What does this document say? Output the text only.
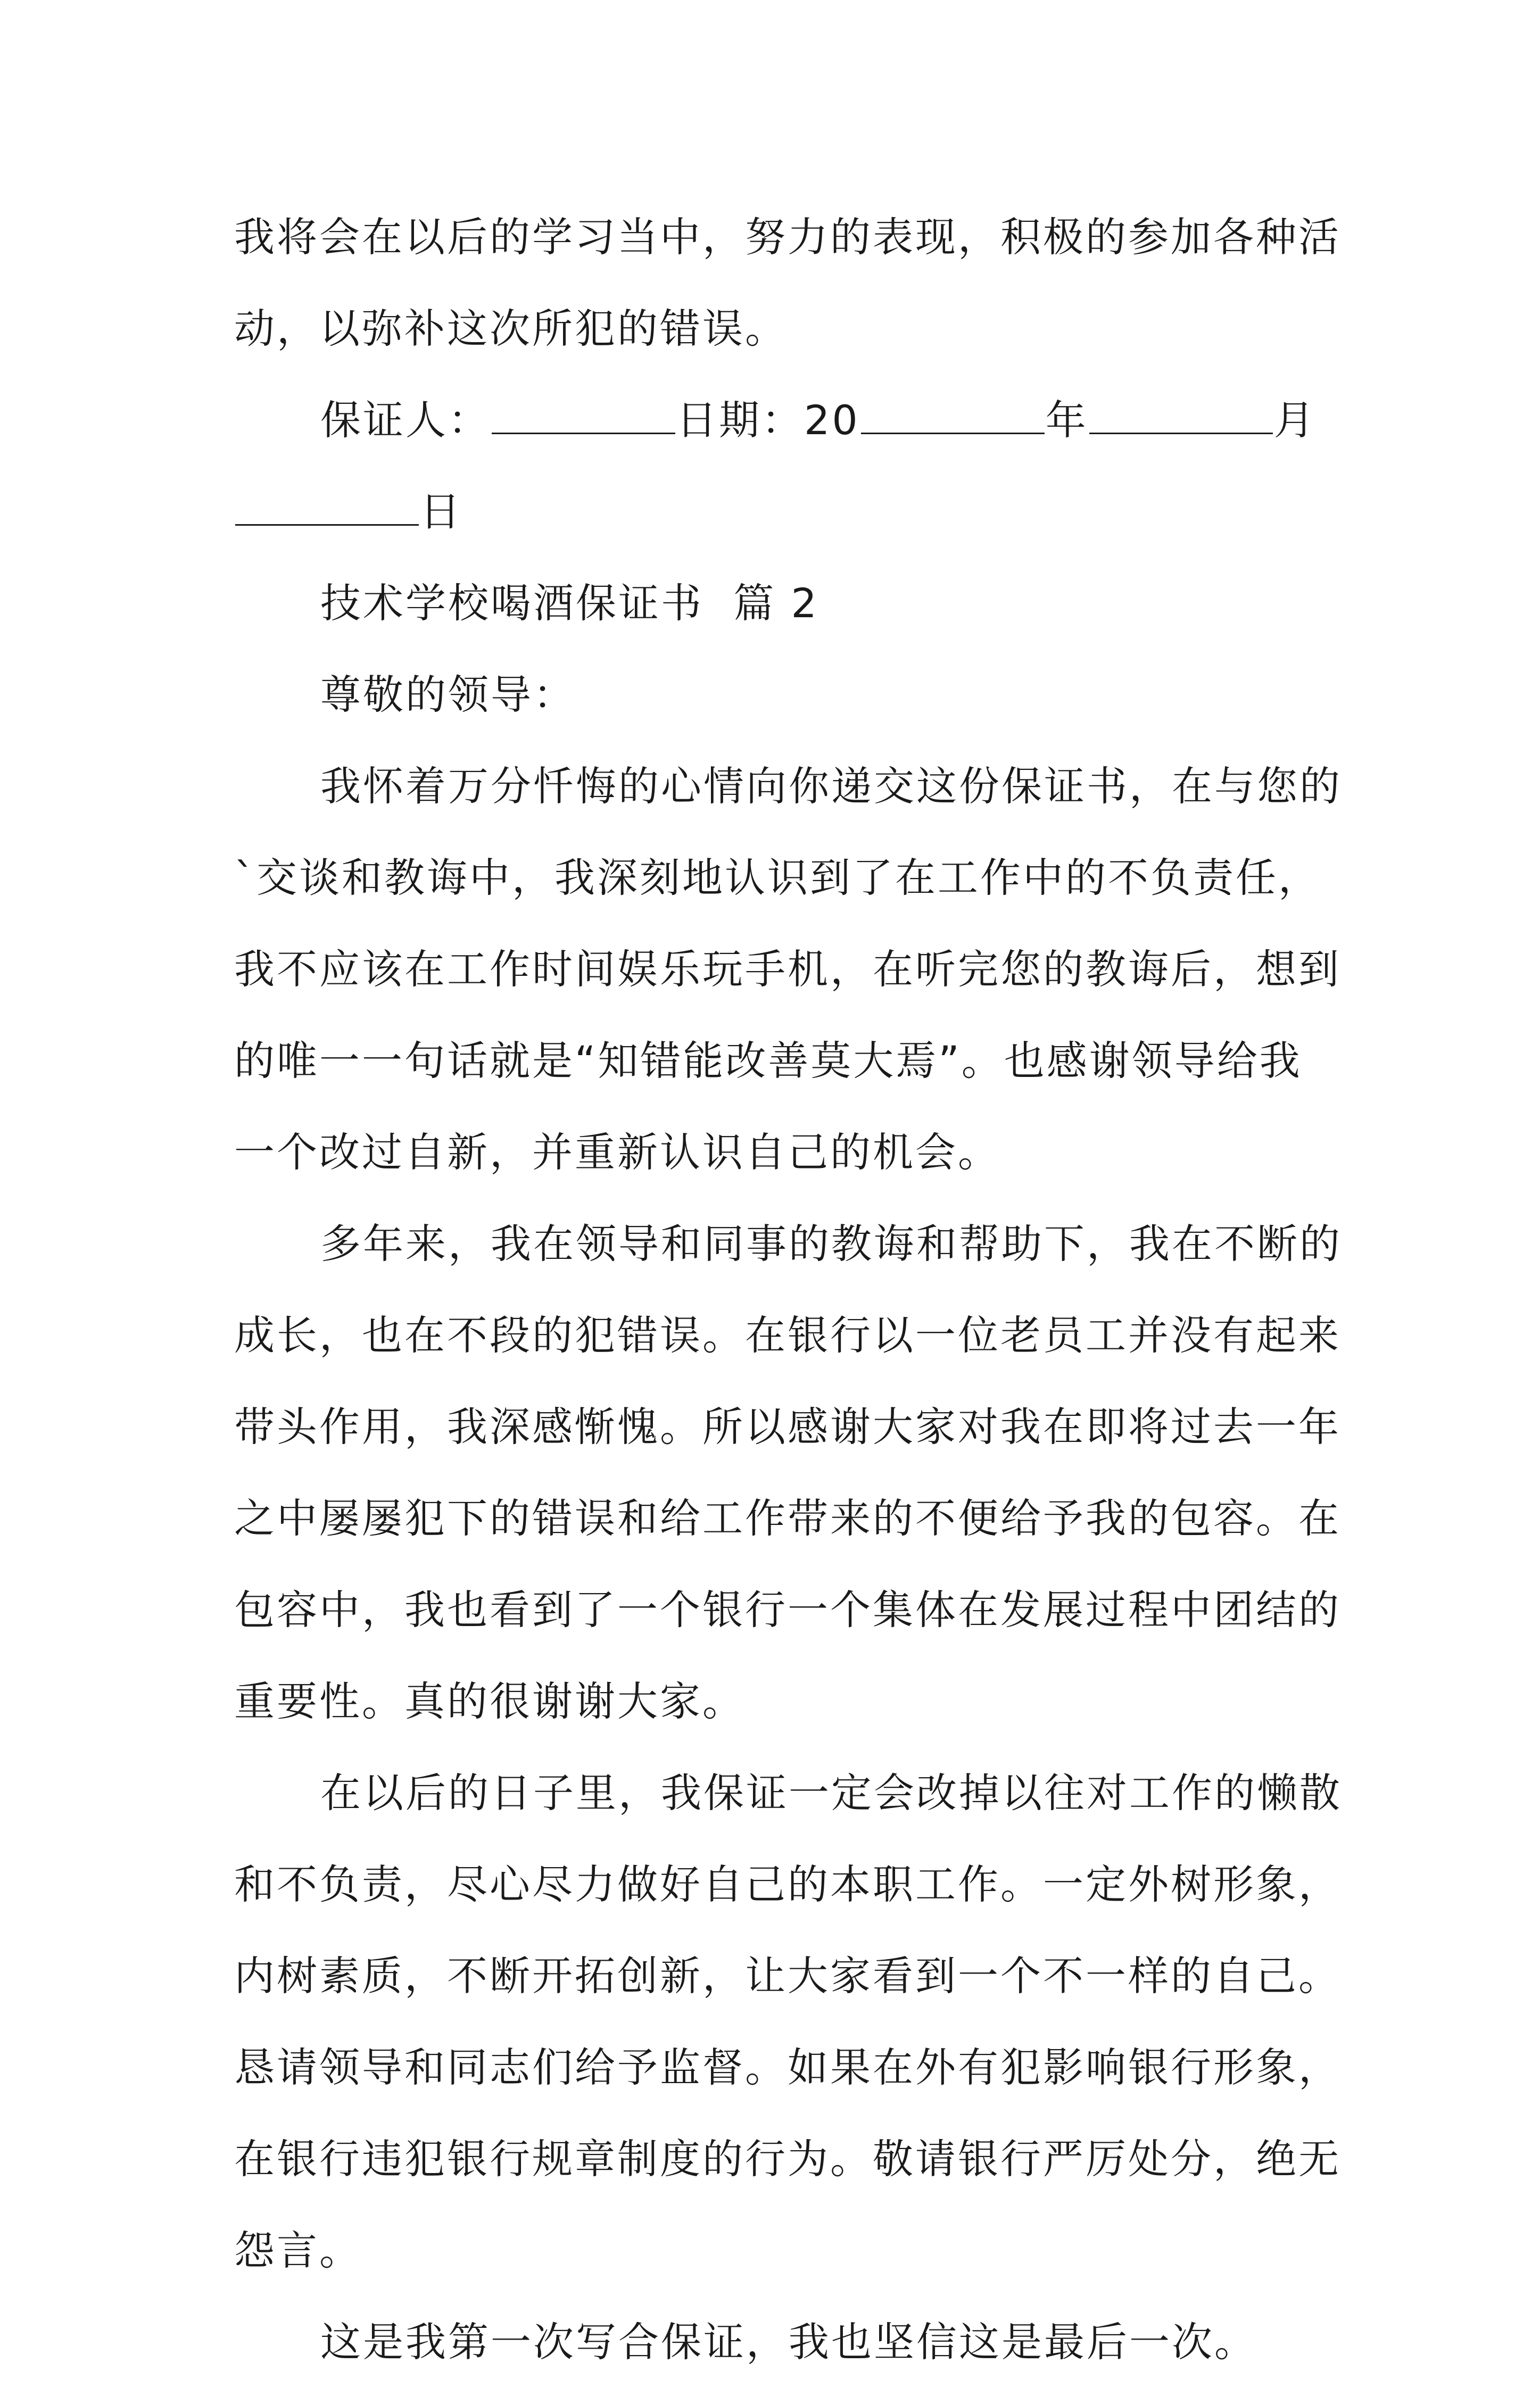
我将会在以后的学习当中，努力的表现，积极的参加各种活
动，以弥补这次所犯的错误。
保证人：	日期：20	年	月
日
技术学校喝酒保证书  篇 2
尊敬的领导：
我怀着万分忏悔的心情向你递交这份保证书，在与您的
`交谈和教诲中，我深刻地认识到了在工作中的不负责任，
我不应该在工作时间娱乐玩手机，在听完您的教诲后，想到
的唯一一句话就是“知错能改善莫大焉”。也感谢领导给我
一个改过自新，并重新认识自己的机会。
多年来，我在领导和同事的教诲和帮助下，我在不断的
成长，也在不段的犯错误。在银行以一位老员工并没有起来
带头作用，我深感惭愧。所以感谢大家对我在即将过去一年
之中屡屡犯下的错误和给工作带来的不便给予我的包容。在
包容中，我也看到了一个银行一个集体在发展过程中团结的
重要性。真的很谢谢大家。
在以后的日子里，我保证一定会改掉以往对工作的懒散
和不负责，尽心尽力做好自己的本职工作。一定外树形象，
内树素质，不断开拓创新，让大家看到一个不一样的自己。
恳请领导和同志们给予监督。如果在外有犯影响银行形象，
在银行违犯银行规章制度的行为。敬请银行严厉处分，绝无
怨言。
这是我第一次写合保证，我也坚信这是最后一次。
